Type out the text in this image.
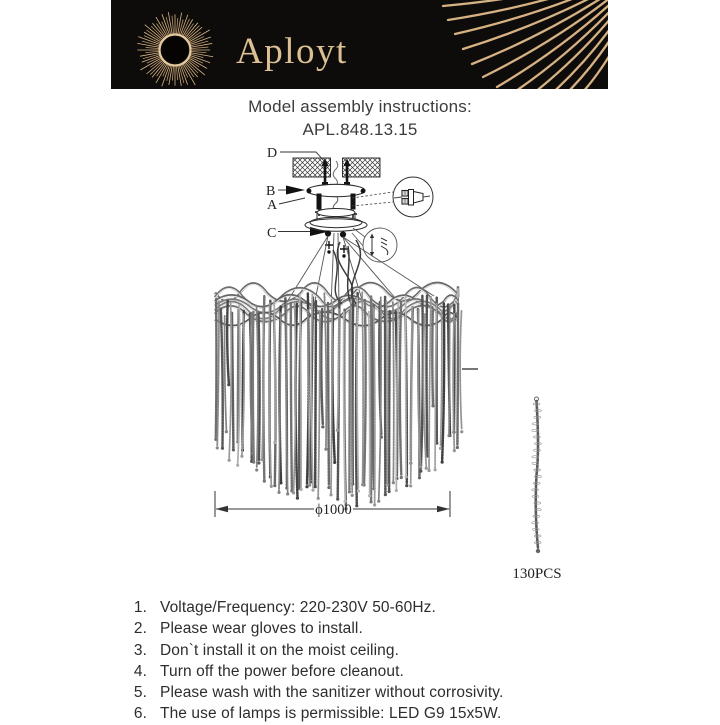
Aployt
Model assembly instructions:
APL.848.13.15
D
B
A
C
ϕ1000
130PCS
1. Voltage/Frequency: 220-230V 50-60Hz.
2. Please wear gloves to install.
3. Don`t install it on the moist ceiling.
4. Turn off the power before cleanout.
5. Please wash with the sanitizer without corrosivity.
6. The use of lamps is permissible: LED G9 15x5W.
